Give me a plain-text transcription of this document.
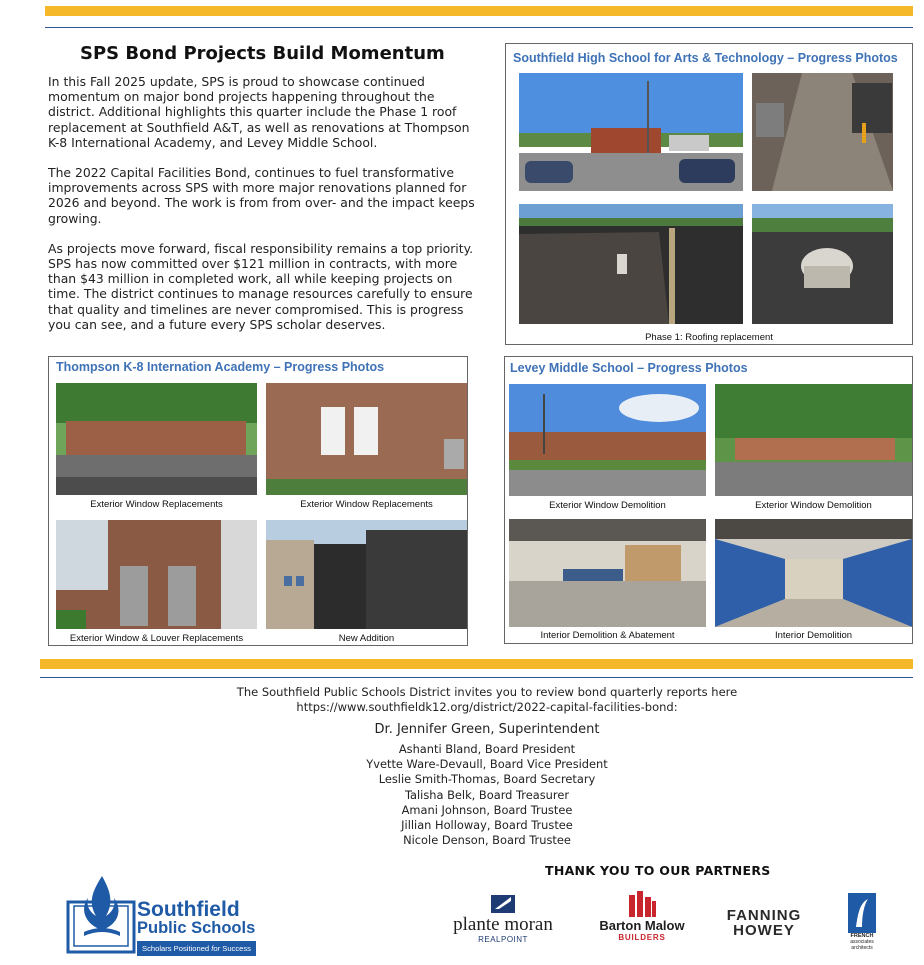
SPS Bond Projects Build Momentum

In this Fall 2025 update, SPS is proud to showcase continued momentum on major bond projects happening throughout the district. Additional highlights this quarter include the Phase 1 roof replacement at Southfield A&T, as well as renovations at Thompson K-8 International Academy, and Levey Middle School.

The 2022 Capital Facilities Bond, continues to fuel transformative improvements across SPS with more major renovations planned for 2026 and beyond. The work is from from over- and the impact keeps growing.

As projects move forward, fiscal responsibility remains a top priority. SPS has now committed over $121 million in contracts, with more than $43 million in completed work, all while keeping projects on time. The district continues to manage resources carefully to ensure that quality and timelines are never compromised. This is progress you can see, and a future every SPS scholar deserves.

Southfield High School for Arts & Technology – Progress Photos
Phase 1: Roofing replacement
Thompson K-8 Internation Academy – Progress Photos
Exterior Window Replacements	Exterior Window Replacements
Exterior Window & Louver Replacements	New Addition
Levey Middle School – Progress Photos
Exterior Window Demolition	Exterior Window Demolition
Interior Demolition & Abatement	Interior Demolition
The Southfield Public Schools District invites you to review bond quarterly reports here
https://www.southfieldk12.org/district/2022-capital-facilities-bond:
Dr. Jennifer Green, Superintendent
Ashanti Bland, Board President
Yvette Ware-Devaull, Board Vice President
Leslie Smith-Thomas, Board Secretary
Talisha Belk, Board Treasurer
Amani Johnson, Board Trustee
Jillian Holloway, Board Trustee
Nicole Denson, Board Trustee
THANK YOU TO OUR PARTNERS
Southfield
Public Schools
Scholars Positioned for Success
plante moran
REALPOINT
Barton Malow
BUILDERS
FANNING
HOWEY	FRENCH
associates
architects
